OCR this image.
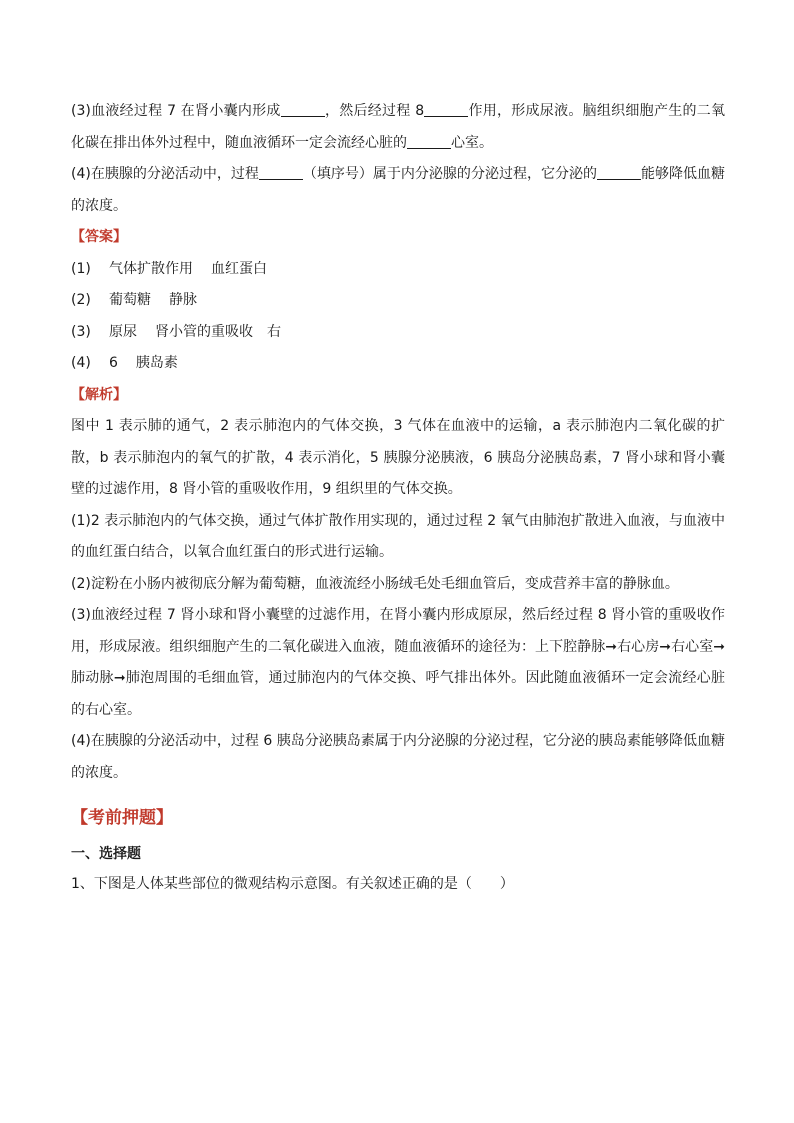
(3)血液经过程 7 在肾小囊内形成	，然后经过程 8	作用，形成尿液。脑组织细胞产生的二氧化碳在排出体外过程中，随血液循环一定会流经心脏的	心室。

(4)在胰腺的分泌活动中，过程	（填序号）属于内分泌腺的分泌过程，它分泌的	能够降低血糖的浓度。

【答案】

(1) 气体扩散作用 血红蛋白

(2) 葡萄糖 静脉

(3) 原尿 肾小管的重吸收 右

(4) 6 胰岛素

【解析】

图中 1 表示肺的通气，2 表示肺泡内的气体交换，3 气体在血液中的运输，a 表示肺泡内二氧化碳的扩散，b 表示肺泡内的氧气的扩散，4 表示消化，5 胰腺分泌胰液，6 胰岛分泌胰岛素，7 肾小球和肾小囊壁的过滤作用，8 肾小管的重吸收作用，9 组织里的气体交换。

(1)2 表示肺泡内的气体交换，通过气体扩散作用实现的，通过过程 2 氧气由肺泡扩散进入血液，与血液中的血红蛋白结合，以氧合血红蛋白的形式进行运输。

(2)淀粉在小肠内被彻底分解为葡萄糖，血液流经小肠绒毛处毛细血管后，变成营养丰富的静脉血。

(3)血液经过程 7 肾小球和肾小囊壁的过滤作用，在肾小囊内形成原尿，然后经过程 8 肾小管的重吸收作用，形成尿液。组织细胞产生的二氧化碳进入血液，随血液循环的途径为：上下腔静脉➞右心房➞右心室➞肺动脉➞肺泡周围的毛细血管，通过肺泡内的气体交换、呼气排出体外。因此随血液循环一定会流经心脏的右心室。

(4)在胰腺的分泌活动中，过程 6 胰岛分泌胰岛素属于内分泌腺的分泌过程，它分泌的胰岛素能够降低血糖的浓度。

【考前押题】

一、选择题

1、下图是人体某些部位的微观结构示意图。有关叙述正确的是（　　）
